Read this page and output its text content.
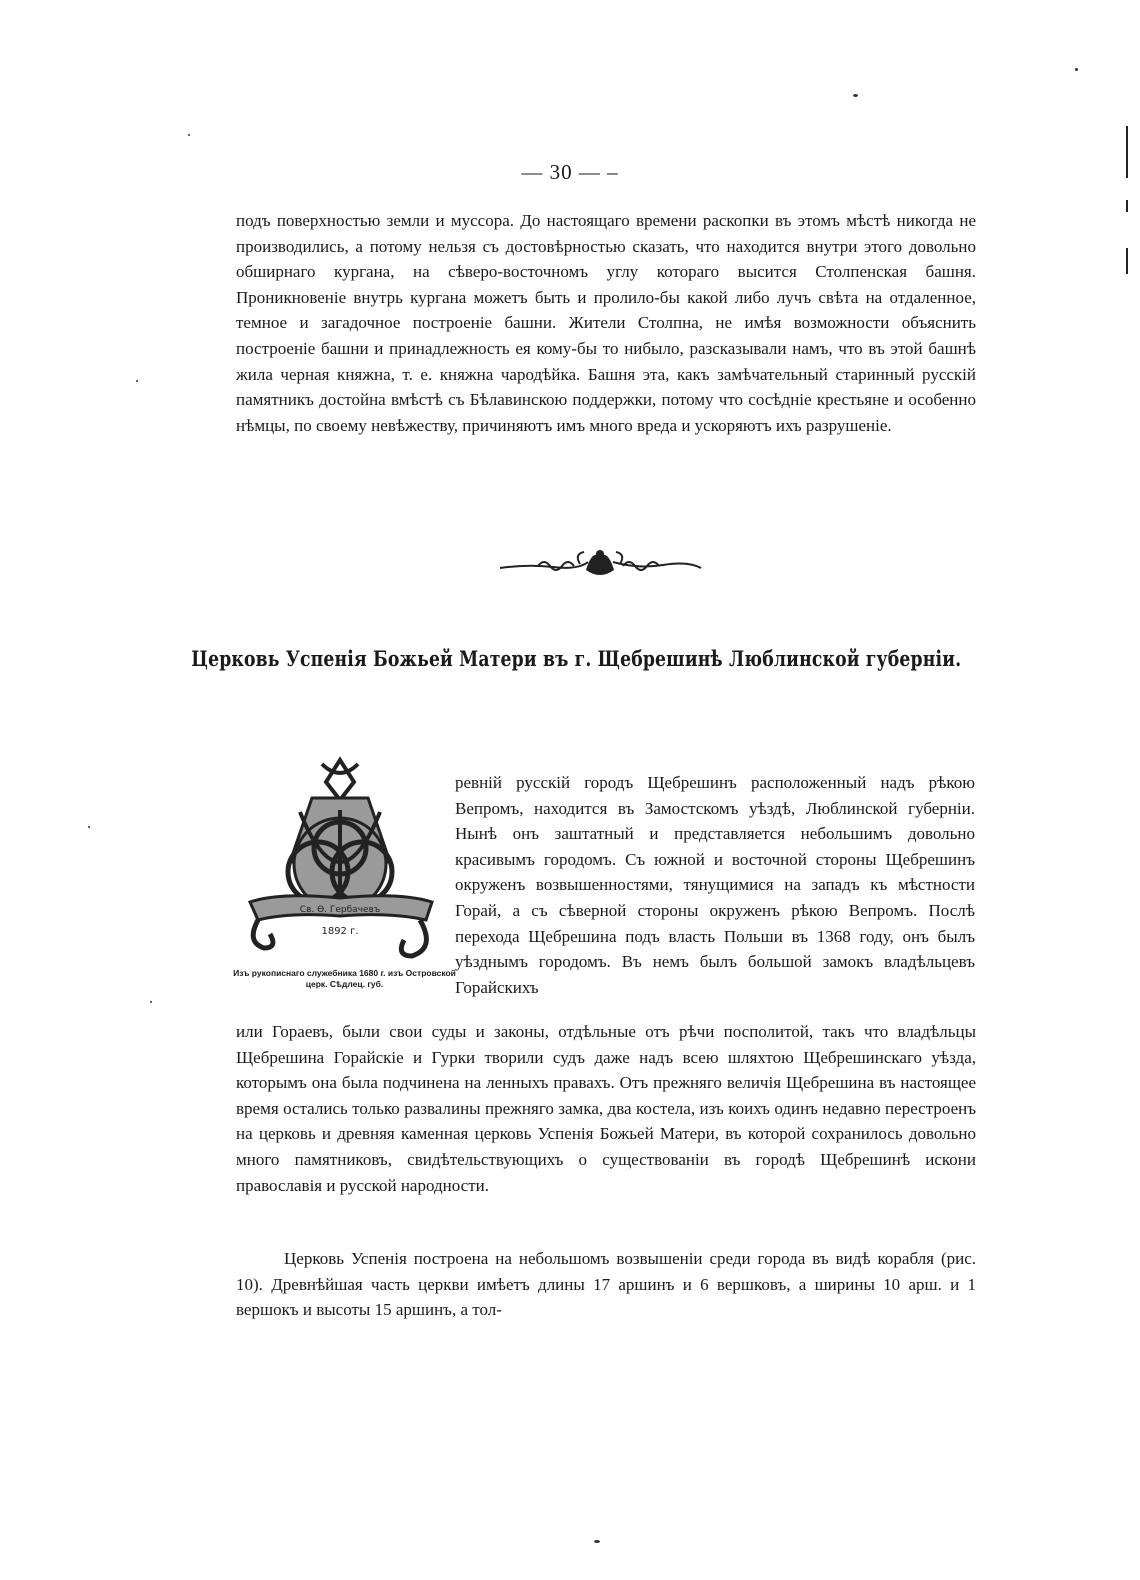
— 30 — –

подъ поверхностью земли и муссора. До настоящаго времени раскопки въ этомъ мѣстѣ никогда не производились, а потому нельзя съ достовѣрностью сказать, что находится внутри этого довольно обширнаго кургана, на сѣверо-восточномъ углу котораго высится Столпенская башня. Проникновеніе внутрь кургана можетъ быть и пролило-бы какой либо лучъ свѣта на отдаленное, темное и загадочное построеніе башни. Жители Столпна, не имѣя возможности объяснить построеніе башни и принадлежность ея кому-бы то нибыло, разсказывали намъ, что въ этой башнѣ жила черная княжна, т. е. княжна чародѣйка. Башня эта, какъ замѣчательный старинный русскій памятникъ достойна вмѣстѣ съ Бѣлавинскою поддержки, потому что сосѣдніе крестьяне и особенно нѣмцы, по своему невѣжеству, причиняютъ имъ много вреда и ускоряютъ ихъ разрушеніе.

Церковь Успенія Божьей Матери въ г. Щебрешинѣ Люблинской губерніи.
Св. Ѳ. Гербачевъ
1892 г.
Изъ рукописнаго служебника 1680 г. изъ Островской церк. Сѣдлец. губ.

ревній русскій городъ Щебрешинъ расположенный надъ рѣкою Вепромъ, находится въ Замостскомъ уѣздѣ, Люблинской губерніи. Нынѣ онъ заштатный и представляется небольшимъ довольно красивымъ городомъ. Съ южной и восточной стороны Щебрешинъ окруженъ возвышенностями, тянущимися на западъ къ мѣстности Горай, а съ сѣверной стороны окруженъ рѣкою Вепромъ. Послѣ перехода Щебрешина подъ власть Польши въ 1368 году, онъ былъ уѣзднымъ городомъ. Въ немъ былъ большой замокъ владѣльцевъ Горайскихъ

или Гораевъ, были свои суды и законы, отдѣльные отъ рѣчи посполитой, такъ что владѣльцы Щебрешина Горайскіе и Гурки творили судъ даже надъ всею шляхтою Щебрешинскаго уѣзда, которымъ она была подчинена на ленныхъ правахъ. Отъ прежняго величія Щебрешина въ настоящее время остались только развалины прежняго замка, два костела, изъ коихъ одинъ недавно перестроенъ на церковь и древняя каменная церковь Успенія Божьей Матери, въ которой сохранилось довольно много памятниковъ, свидѣтельствующихъ о существованіи въ городѣ Щебрешинѣ искони православія и русской народности.

Церковь Успенія построена на небольшомъ возвышеніи среди города въ видѣ корабля (рис. 10). Древнѣйшая часть церкви имѣетъ длины 17 аршинъ и 6 вершковъ, а ширины 10 арш. и 1 вершокъ и высоты 15 аршинъ, а тол-
